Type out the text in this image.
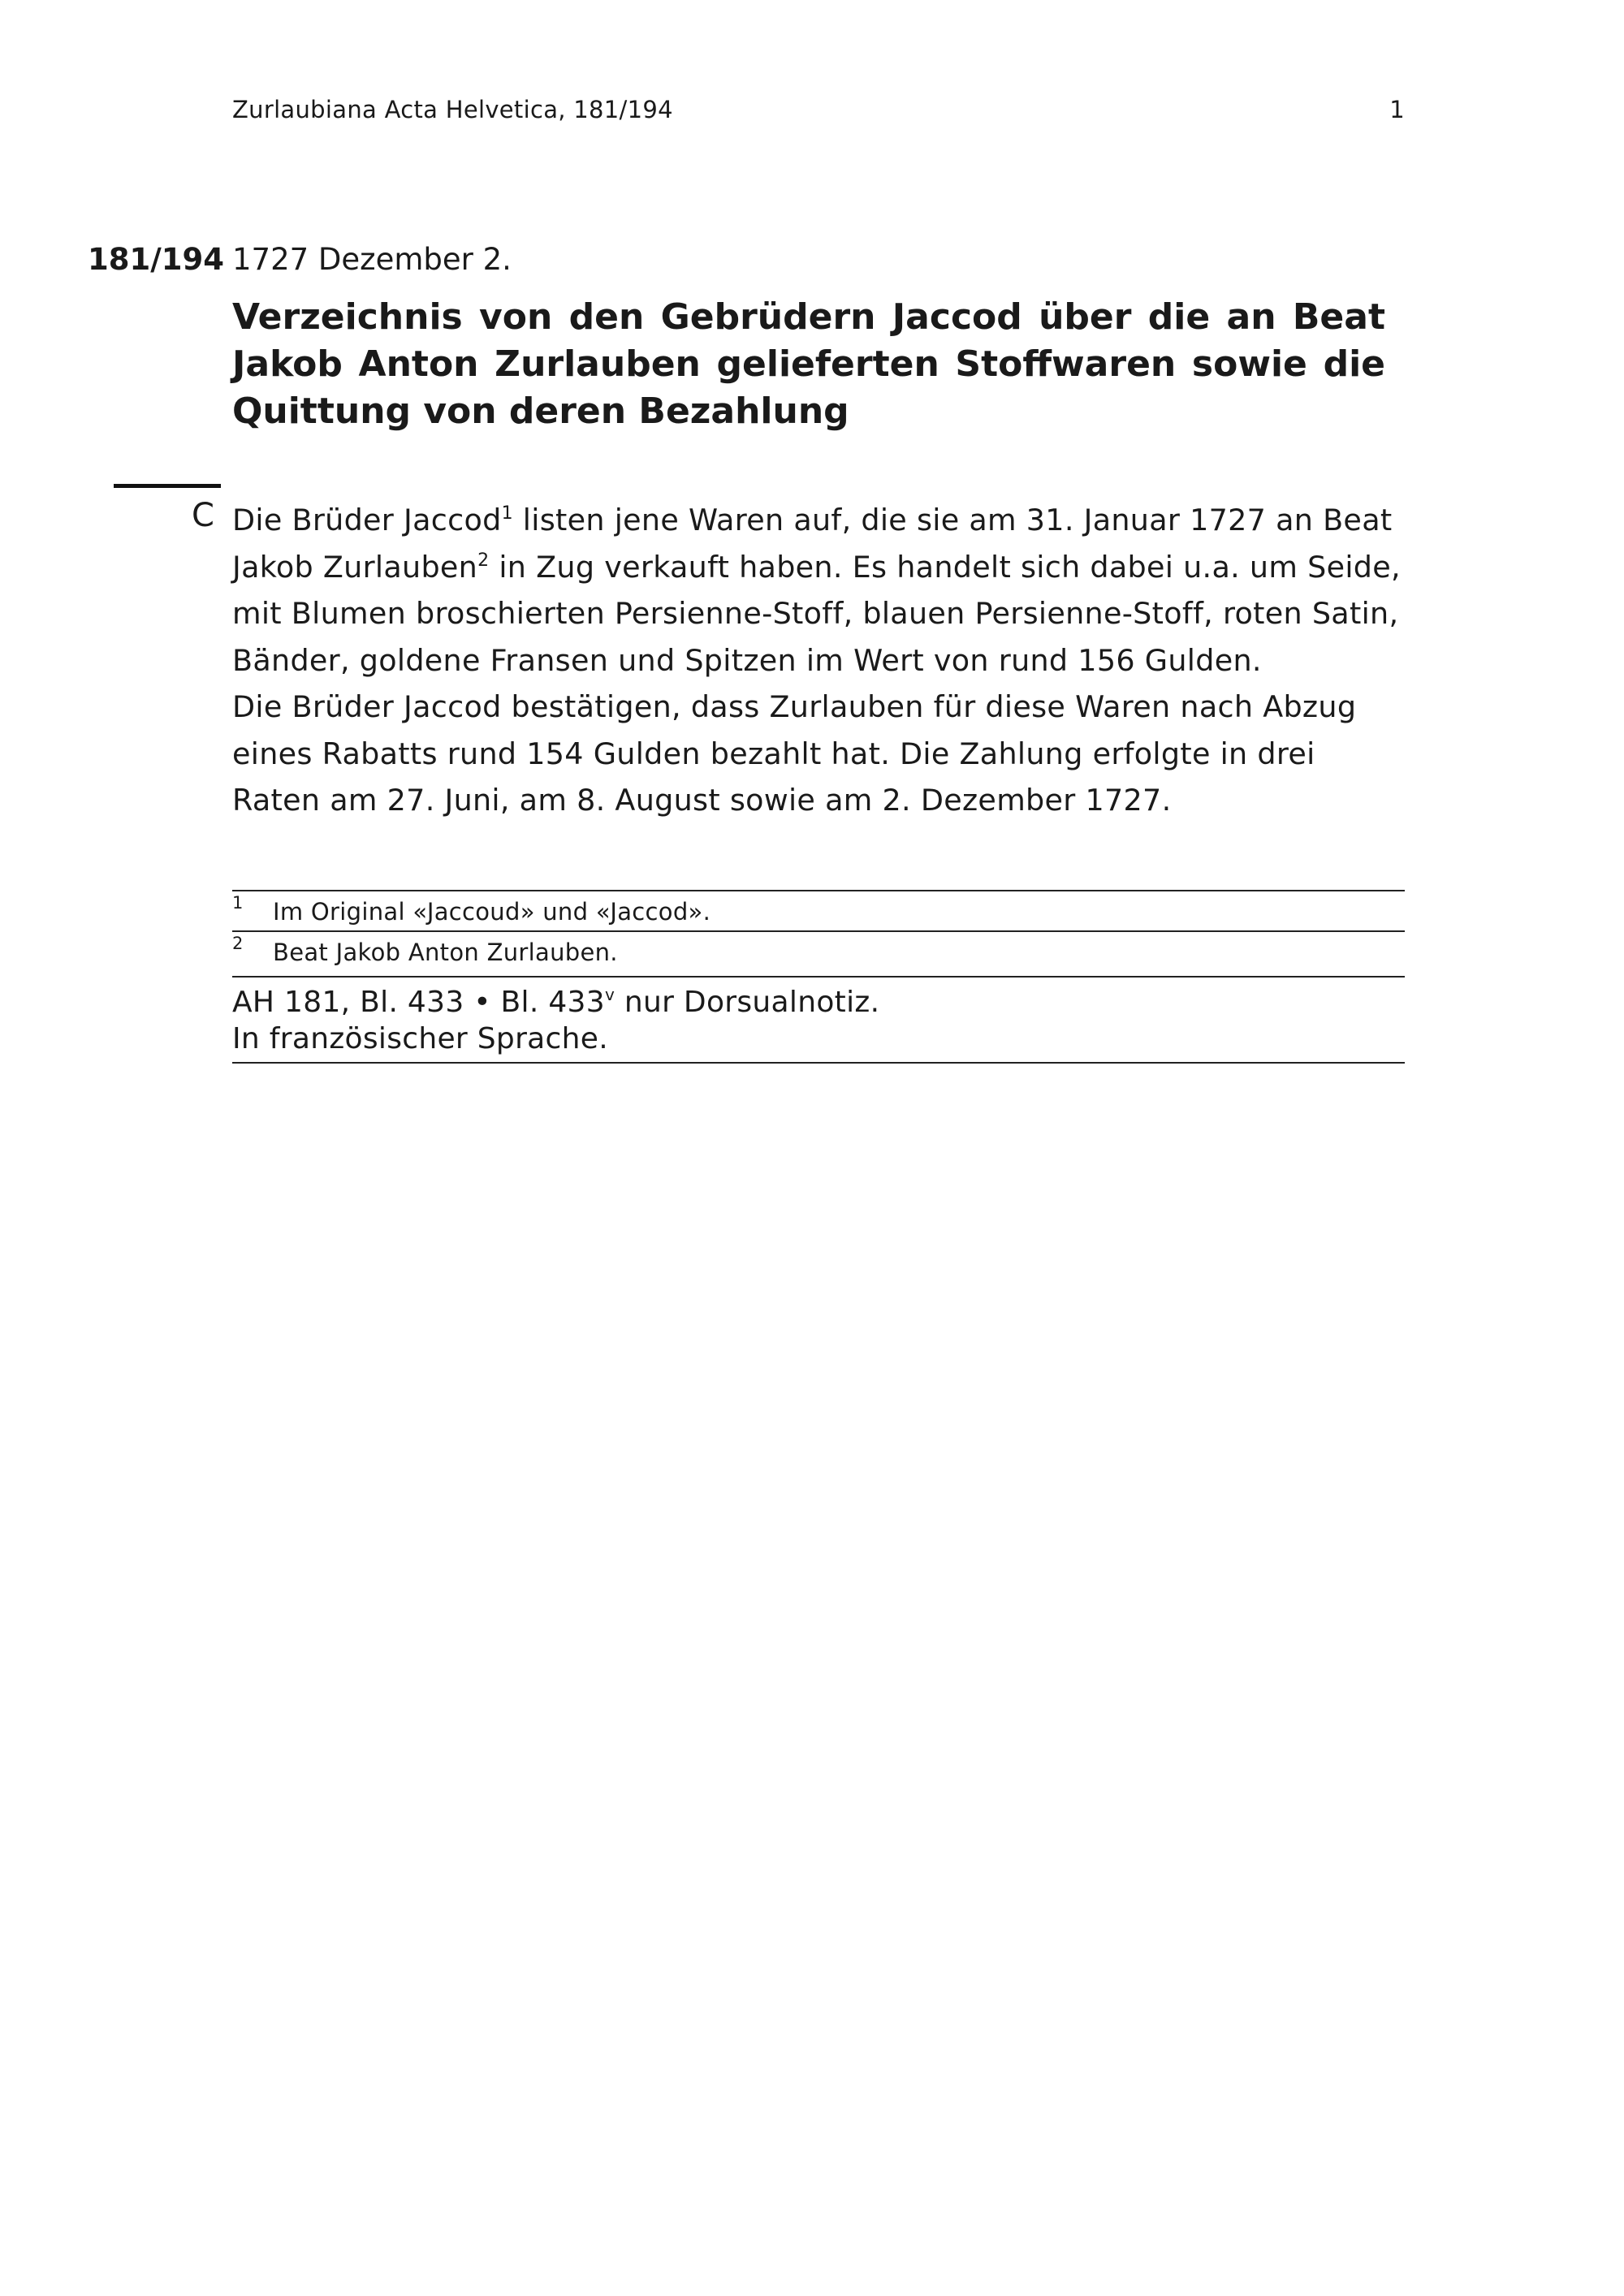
Zurlaubiana Acta Helvetica, 181/194	1
181/194 1727 Dezember 2.
Verzeichnis von den Gebrüdern Jaccod über die an Beat Jakob Anton Zurlauben gelieferten Stoffwaren sowie die Quittung von deren Bezahlung
C Die Brüder Jaccod$^1$ listen jene Waren auf, die sie am 31. Januar 1727 an Beat Jakob Zurlauben$^2$ in Zug verkauft haben. Es handelt sich dabei u.a. um Seide, mit Blumen broschierten Persienne-Stoff, blauen Persienne-Stoff, roten Satin, Bänder, goldene Fransen und Spitzen im Wert von rund 156 Gulden.
Die Brüder Jaccod bestätigen, dass Zurlauben für diese Waren nach Abzug eines Rabatts rund 154 Gulden bezahlt hat. Die Zahlung erfolgte in drei Raten am 27. Juni, am 8. August sowie am 2. Dezember 1727.
1 Im Original «Jaccoud» und «Jaccod».
2 Beat Jakob Anton Zurlauben.
AH 181, Bl. 433 • Bl. 433$^v$ nur Dorsualnotiz.
In französischer Sprache.
